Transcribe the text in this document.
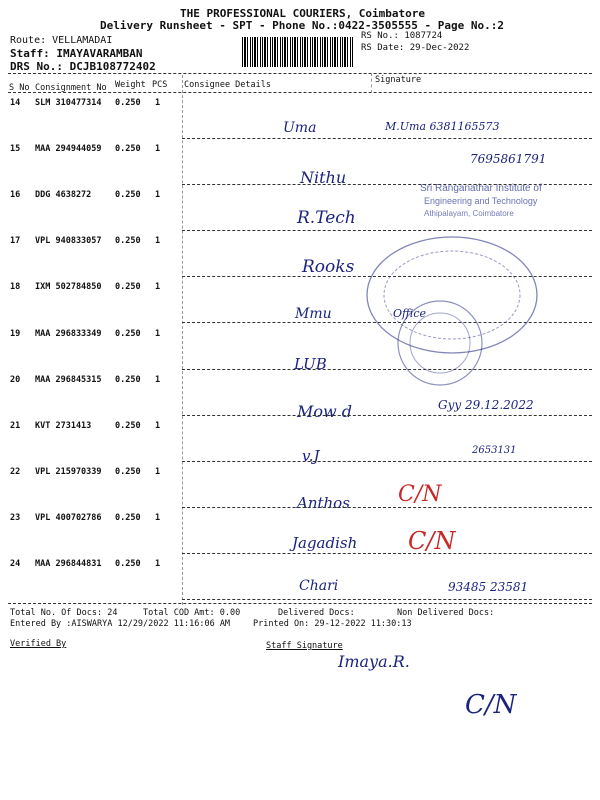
THE PROFESSIONAL COURIERS, Coimbatore
Delivery Runsheet - SPT - Phone No.:0422-3505555 - Page No.:2
Route: VELLAMADAI
Staff: IMAYAVARAMBAN
DRS No.: DCJB108772402
RS No.: 1087724
RS Date: 29-Dec-2022
S No Consignment No Weight PCS Consignee Details	Signature
14 SLM 310477314 0.250 1
Uma	M.Uma 6381165573
15 MAA 294944059 0.250 1
Nithu
7695861791
16 DDG 4638272	0.250 1
R.Tech
17 VPL 940833057 0.250 1
Rooks
18 IXM 502784850 0.250 1
Mmu	Office
19 MAA 296833349 0.250 1
LUB
20 MAA 296845315 0.250 1
Mow d	Gyy 29.12.2022
21 KVT 2731413	0.250 1
v.J	2653131
22 VPL 215970339 0.250 1
Anthos C/N
23 VPL 400702786 0.250 1
Jagadish C/N
24 MAA 296844831 0.250 1
Chari	93485 23581
Sri Ranganathar Institute of
Engineering and Technology
Athipalayam, Coimbatore
Total No. Of Docs: 24	Total COD Amt: 0.00	Delivered Docs:	Non Delivered Docs:
Entered By :AISWARYA 12/29/2022 11:16:06 AM	Printed On: 29-12-2022 11:30:13
Verified By	Staff Signature
Imaya.R.
C/N
